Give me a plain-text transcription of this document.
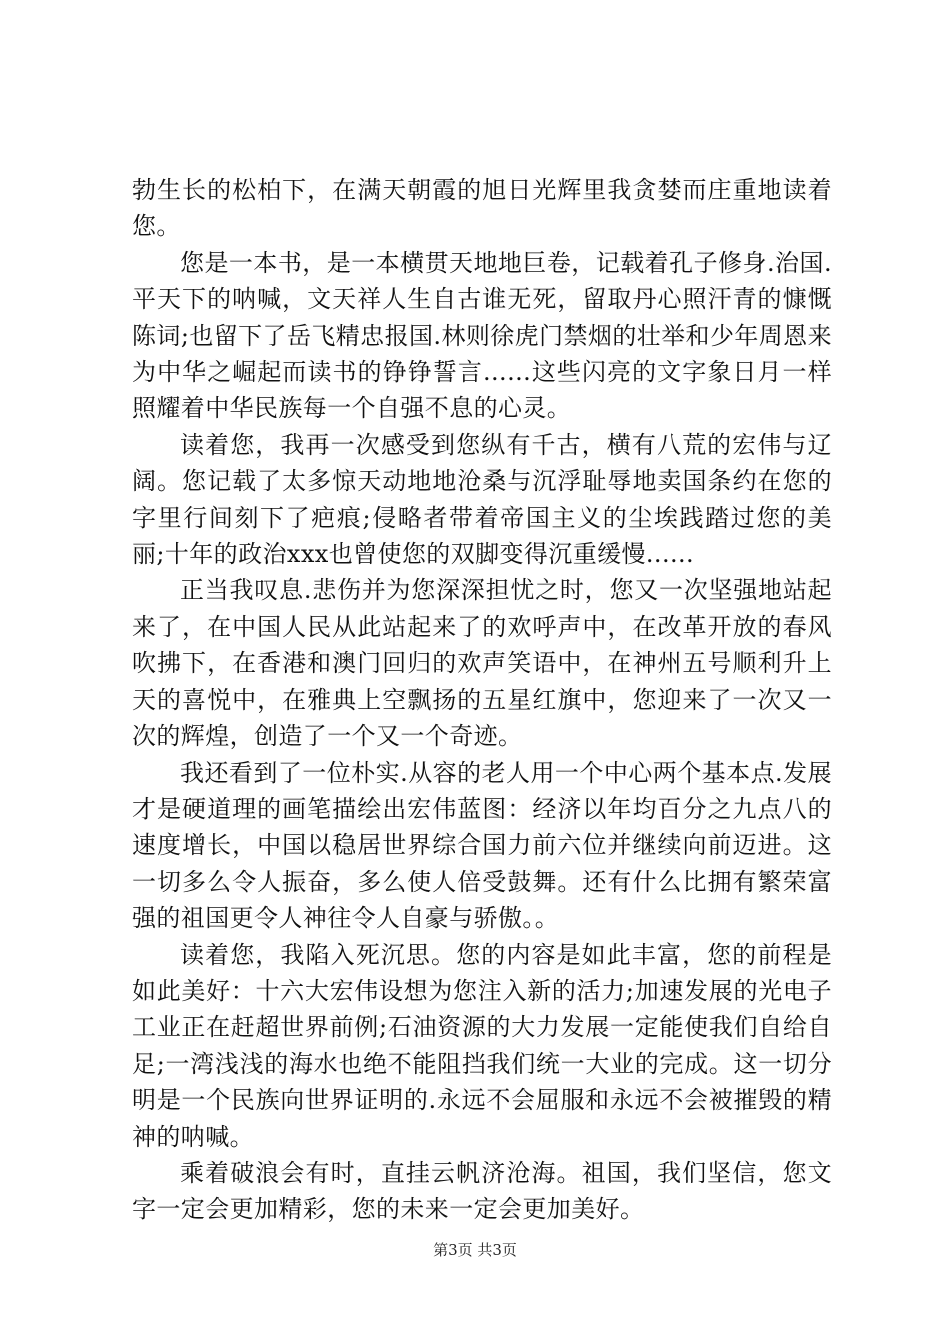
勃生长的松柏下，在满天朝霞的旭日光辉里我贪婪而庄重地读着您。

您是一本书，是一本横贯天地地巨卷，记载着孔子修身.治国.平天下的呐喊，文天祥人生自古谁无死，留取丹心照汗青的慷慨陈词;也留下了岳飞精忠报国.林则徐虎门禁烟的壮举和少年周恩来为中华之崛起而读书的铮铮誓言......这些闪亮的文字象日月一样照耀着中华民族每一个自强不息的心灵。

读着您，我再一次感受到您纵有千古，横有八荒的宏伟与辽阔。您记载了太多惊天动地地沧桑与沉浮耻辱地卖国条约在您的字里行间刻下了疤痕;侵略者带着帝国主义的尘埃践踏过您的美丽;十年的政治xxx也曾使您的双脚变得沉重缓慢......

正当我叹息.悲伤并为您深深担忧之时，您又一次坚强地站起来了，在中国人民从此站起来了的欢呼声中，在改革开放的春风吹拂下，在香港和澳门回归的欢声笑语中，在神州五号顺利升上天的喜悦中，在雅典上空飘扬的五星红旗中，您迎来了一次又一次的辉煌，创造了一个又一个奇迹。

我还看到了一位朴实.从容的老人用一个中心两个基本点.发展才是硬道理的画笔描绘出宏伟蓝图：经济以年均百分之九点八的速度增长，中国以稳居世界综合国力前六位并继续向前迈进。这一切多么令人振奋，多么使人倍受鼓舞。还有什么比拥有繁荣富强的祖国更令人神往令人自豪与骄傲。。

读着您，我陷入死沉思。您的内容是如此丰富，您的前程是如此美好：十六大宏伟设想为您注入新的活力;加速发展的光电子工业正在赶超世界前例;石油资源的大力发展一定能使我们自给自足;一湾浅浅的海水也绝不能阻挡我们统一大业的完成。这一切分明是一个民族向世界证明的.永远不会屈服和永远不会被摧毁的精神的呐喊。

乘着破浪会有时，直挂云帆济沧海。祖国，我们坚信，您文字一定会更加精彩，您的未来一定会更加美好。

第3页 共3页
